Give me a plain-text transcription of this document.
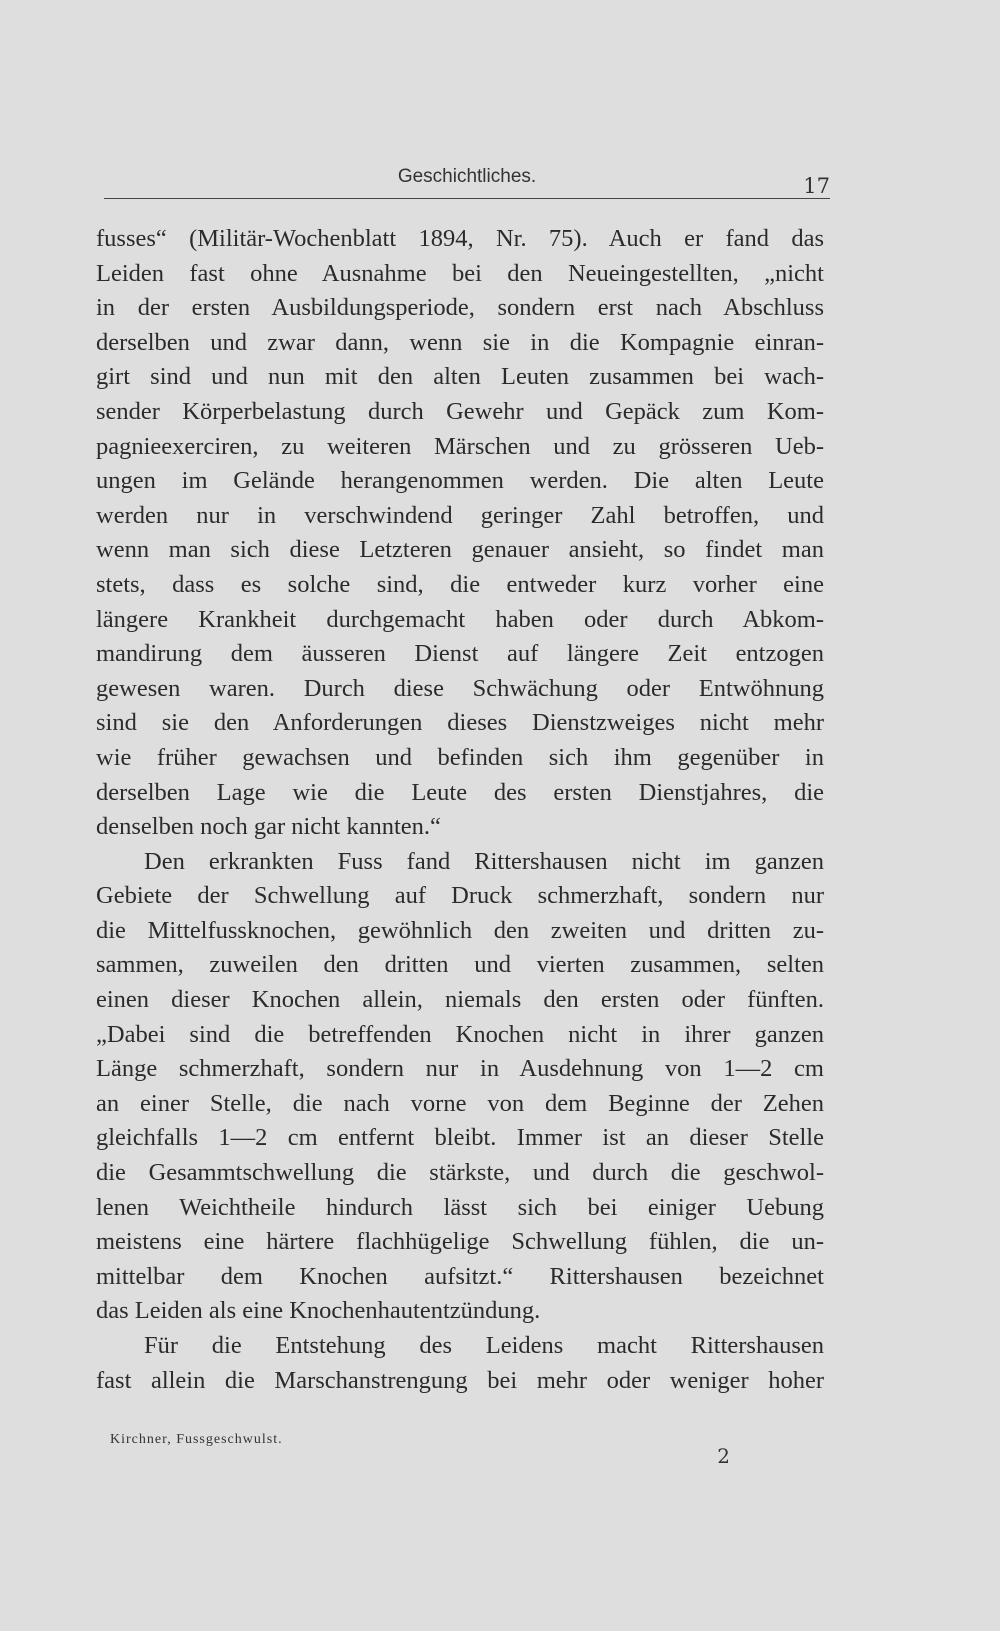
Geschichtliches.	17
fusses“ (Militär-Wochenblatt 1894, Nr. 75). Auch er fand das
Leiden fast ohne Ausnahme bei den Neueingestellten, „nicht
in der ersten Ausbildungsperiode, sondern erst nach Abschluss
derselben und zwar dann, wenn sie in die Kompagnie einran-
girt sind und nun mit den alten Leuten zusammen bei wach-
sender Körperbelastung durch Gewehr und Gepäck zum Kom-
pagnieexerciren, zu weiteren Märschen und zu grösseren Ueb-
ungen im Gelände herangenommen werden. Die alten Leute
werden nur in verschwindend geringer Zahl betroffen, und
wenn man sich diese Letzteren genauer ansieht, so findet man
stets, dass es solche sind, die entweder kurz vorher eine
längere Krankheit durchgemacht haben oder durch Abkom-
mandirung dem äusseren Dienst auf längere Zeit entzogen
gewesen waren. Durch diese Schwächung oder Entwöhnung
sind sie den Anforderungen dieses Dienstzweiges nicht mehr
wie früher gewachsen und befinden sich ihm gegenüber in
derselben Lage wie die Leute des ersten Dienstjahres, die
denselben noch gar nicht kannten.“
Den erkrankten Fuss fand Rittershausen nicht im ganzen
Gebiete der Schwellung auf Druck schmerzhaft, sondern nur
die Mittelfussknochen, gewöhnlich den zweiten und dritten zu-
sammen, zuweilen den dritten und vierten zusammen, selten
einen dieser Knochen allein, niemals den ersten oder fünften.
„Dabei sind die betreffenden Knochen nicht in ihrer ganzen
Länge schmerzhaft, sondern nur in Ausdehnung von 1—2 cm
an einer Stelle, die nach vorne von dem Beginne der Zehen
gleichfalls 1—2 cm entfernt bleibt. Immer ist an dieser Stelle
die Gesammtschwellung die stärkste, und durch die geschwol-
lenen Weichtheile hindurch lässt sich bei einiger Uebung
meistens eine härtere flachhügelige Schwellung fühlen, die un-
mittelbar dem Knochen aufsitzt.“ Rittershausen bezeichnet
das Leiden als eine Knochenhautentzündung.
Für die Entstehung des Leidens macht Rittershausen
fast allein die Marschanstrengung bei mehr oder weniger hoher
Kirchner, Fussgeschwulst.
2
